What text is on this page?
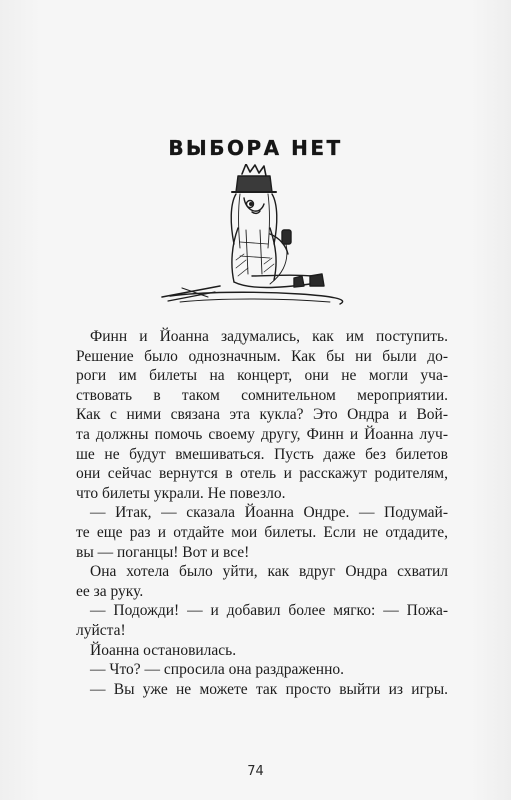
ВЫБОРА НЕТ
Финн и Йоанна задумались, как им поступить.
Решение было однозначным. Как бы ни были до-
роги им билеты на концерт, они не могли уча-
ствовать в таком сомнительном мероприятии.
Как с ними связана эта кукла? Это Ондра и Вой-
та должны помочь своему другу, Финн и Йоанна луч-
ше не будут вмешиваться. Пусть даже без билетов
они сейчас вернутся в отель и расскажут родителям,
что билеты украли. Не повезло.
— Итак, — сказала Йоанна Ондре. — Подумай-
те еще раз и отдайте мои билеты. Если не отдадите,
вы — поганцы! Вот и все!
Она хотела было уйти, как вдруг Ондра схватил
ее за руку.
— Подожди! — и добавил более мягко: — Пожа-
луйста!
Йоанна остановилась.
— Что? — спросила она раздраженно.
— Вы уже не можете так просто выйти из игры.
74
